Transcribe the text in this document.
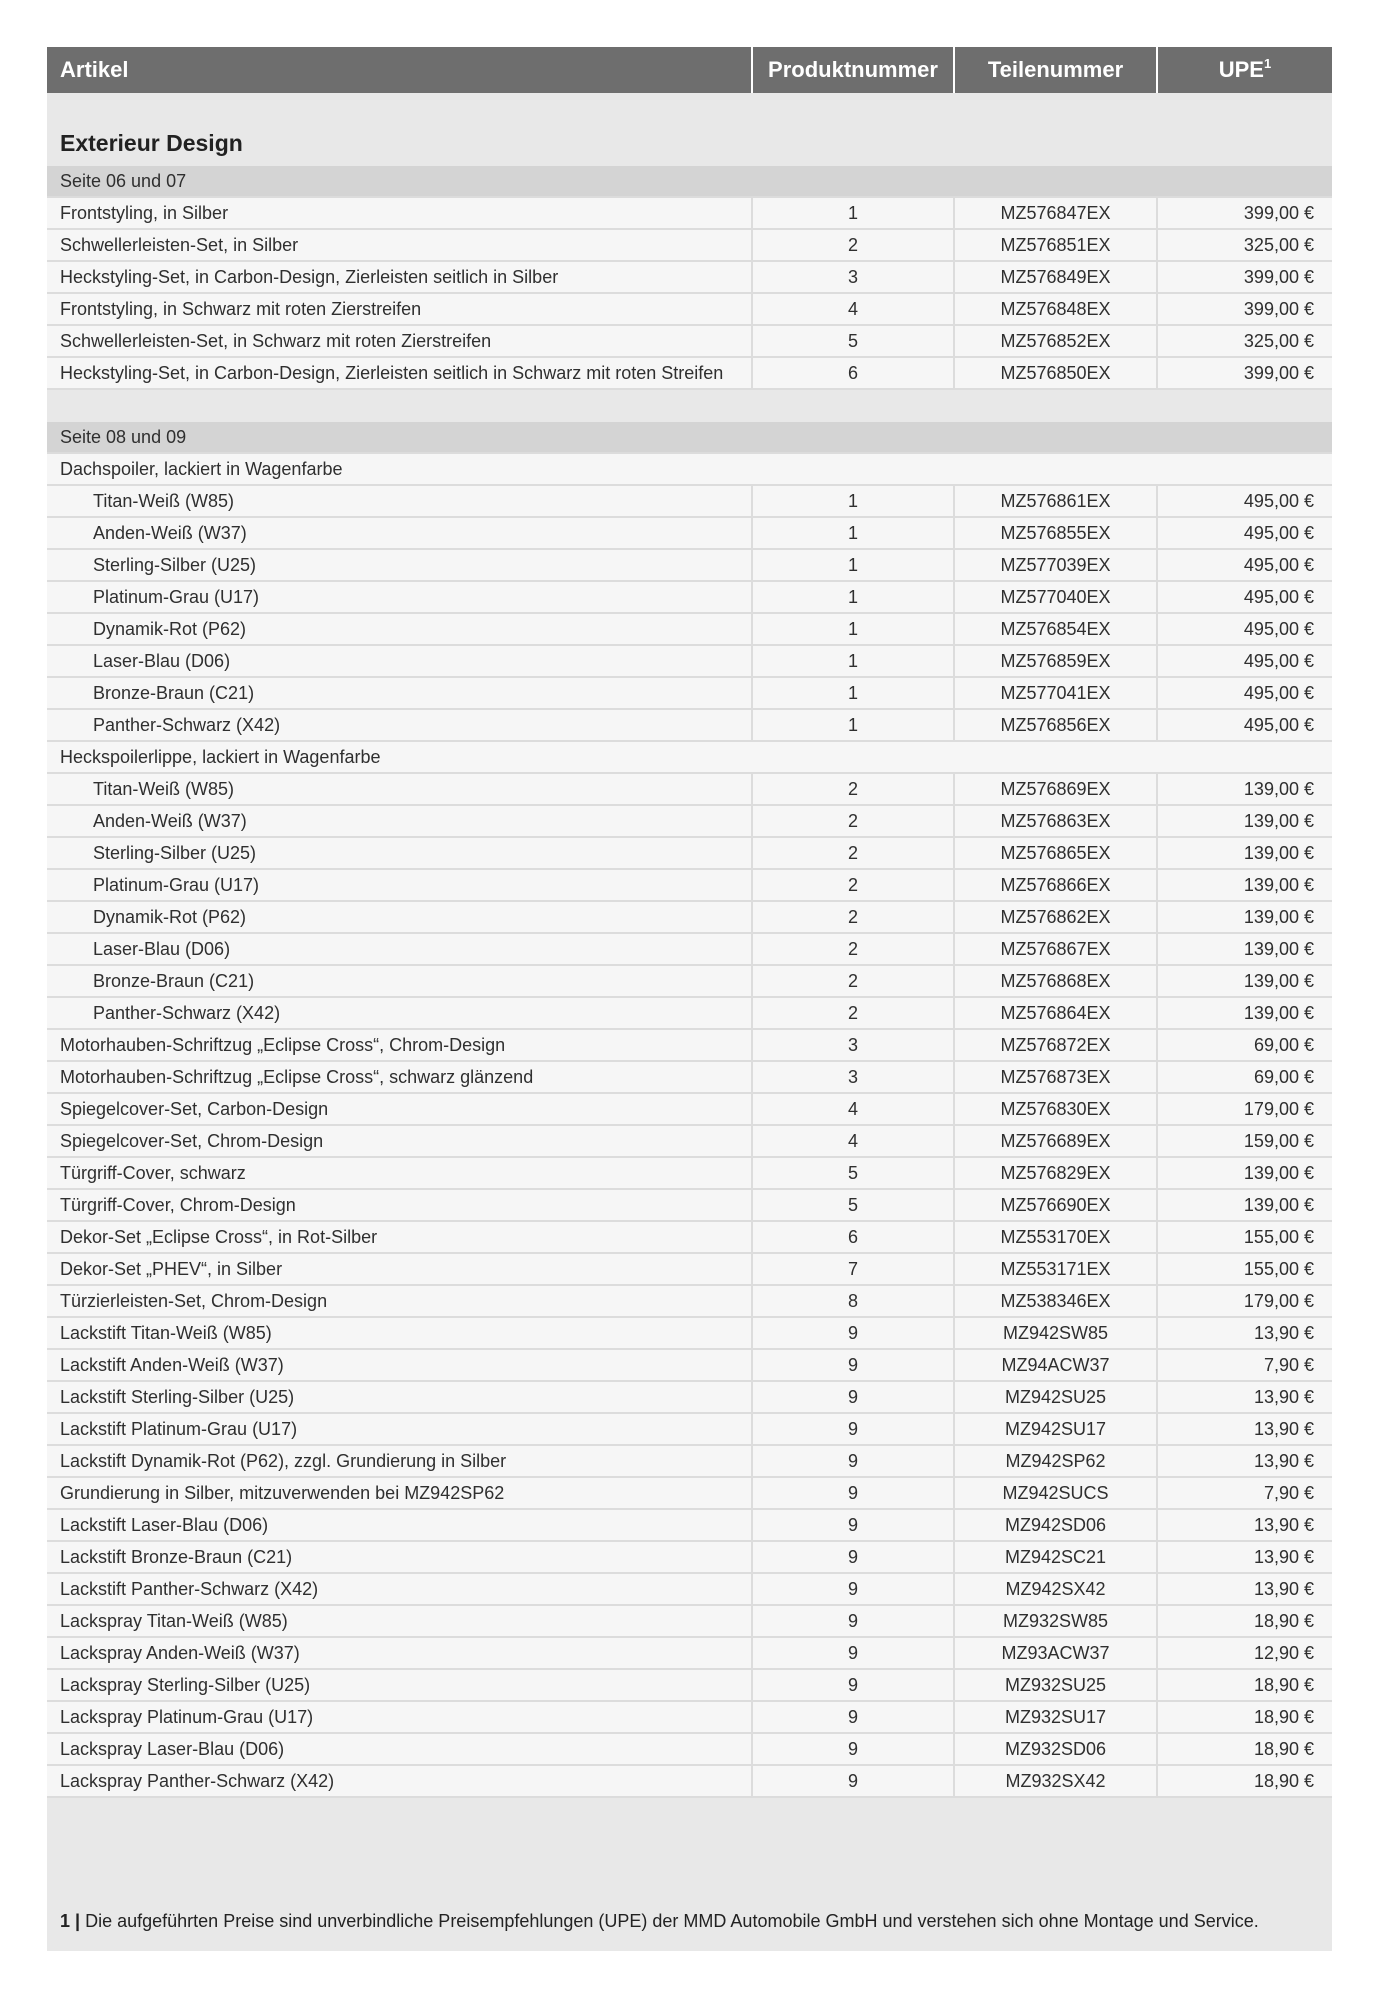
Artikel	Produktnummer	Teilenummer	UPE$^1$
Exterieur Design
Seite 06 und 07
Frontstyling, in Silber	1	MZ576847EX	399,00 €
Schwellerleisten-Set, in Silber	2	MZ576851EX	325,00 €
Heckstyling-Set, in Carbon-Design, Zierleisten seitlich in Silber	3	MZ576849EX	399,00 €
Frontstyling, in Schwarz mit roten Zierstreifen	4	MZ576848EX	399,00 €
Schwellerleisten-Set, in Schwarz mit roten Zierstreifen	5	MZ576852EX	325,00 €
Heckstyling-Set, in Carbon-Design, Zierleisten seitlich in Schwarz mit roten Streifen	6	MZ576850EX	399,00 €
Seite 08 und 09
Dachspoiler, lackiert in Wagenfarbe
Titan-Weiß (W85)	1	MZ576861EX	495,00 €
Anden-Weiß (W37)	1	MZ576855EX	495,00 €
Sterling-Silber (U25)	1	MZ577039EX	495,00 €
Platinum-Grau (U17)	1	MZ577040EX	495,00 €
Dynamik-Rot (P62)	1	MZ576854EX	495,00 €
Laser-Blau (D06)	1	MZ576859EX	495,00 €
Bronze-Braun (C21)	1	MZ577041EX	495,00 €
Panther-Schwarz (X42)	1	MZ576856EX	495,00 €
Heckspoilerlippe, lackiert in Wagenfarbe
Titan-Weiß (W85)	2	MZ576869EX	139,00 €
Anden-Weiß (W37)	2	MZ576863EX	139,00 €
Sterling-Silber (U25)	2	MZ576865EX	139,00 €
Platinum-Grau (U17)	2	MZ576866EX	139,00 €
Dynamik-Rot (P62)	2	MZ576862EX	139,00 €
Laser-Blau (D06)	2	MZ576867EX	139,00 €
Bronze-Braun (C21)	2	MZ576868EX	139,00 €
Panther-Schwarz (X42)	2	MZ576864EX	139,00 €
Motorhauben-Schriftzug „Eclipse Cross“, Chrom-Design	3	MZ576872EX	69,00 €
Motorhauben-Schriftzug „Eclipse Cross“, schwarz glänzend	3	MZ576873EX	69,00 €
Spiegelcover-Set, Carbon-Design	4	MZ576830EX	179,00 €
Spiegelcover-Set, Chrom-Design	4	MZ576689EX	159,00 €
Türgriff-Cover, schwarz	5	MZ576829EX	139,00 €
Türgriff-Cover, Chrom-Design	5	MZ576690EX	139,00 €
Dekor-Set „Eclipse Cross“, in Rot-Silber	6	MZ553170EX	155,00 €
Dekor-Set „PHEV“, in Silber	7	MZ553171EX	155,00 €
Türzierleisten-Set, Chrom-Design	8	MZ538346EX	179,00 €
Lackstift Titan-Weiß (W85)	9	MZ942SW85	13,90 €
Lackstift Anden-Weiß (W37)	9	MZ94ACW37	7,90 €
Lackstift Sterling-Silber (U25)	9	MZ942SU25	13,90 €
Lackstift Platinum-Grau (U17)	9	MZ942SU17	13,90 €
Lackstift Dynamik-Rot (P62), zzgl. Grundierung in Silber	9	MZ942SP62	13,90 €
Grundierung in Silber, mitzuverwenden bei MZ942SP62	9	MZ942SUCS	7,90 €
Lackstift Laser-Blau (D06)	9	MZ942SD06	13,90 €
Lackstift Bronze-Braun (C21)	9	MZ942SC21	13,90 €
Lackstift Panther-Schwarz (X42)	9	MZ942SX42	13,90 €
Lackspray Titan-Weiß (W85)	9	MZ932SW85	18,90 €
Lackspray Anden-Weiß (W37)	9	MZ93ACW37	12,90 €
Lackspray Sterling-Silber (U25)	9	MZ932SU25	18,90 €
Lackspray Platinum-Grau (U17)	9	MZ932SU17	18,90 €
Lackspray Laser-Blau (D06)	9	MZ932SD06	18,90 €
Lackspray Panther-Schwarz (X42)	9	MZ932SX42	18,90 €
1 | Die aufgeführten Preise sind unverbindliche Preisempfehlungen (UPE) der MMD Automobile GmbH und verstehen sich ohne Montage und Service.
